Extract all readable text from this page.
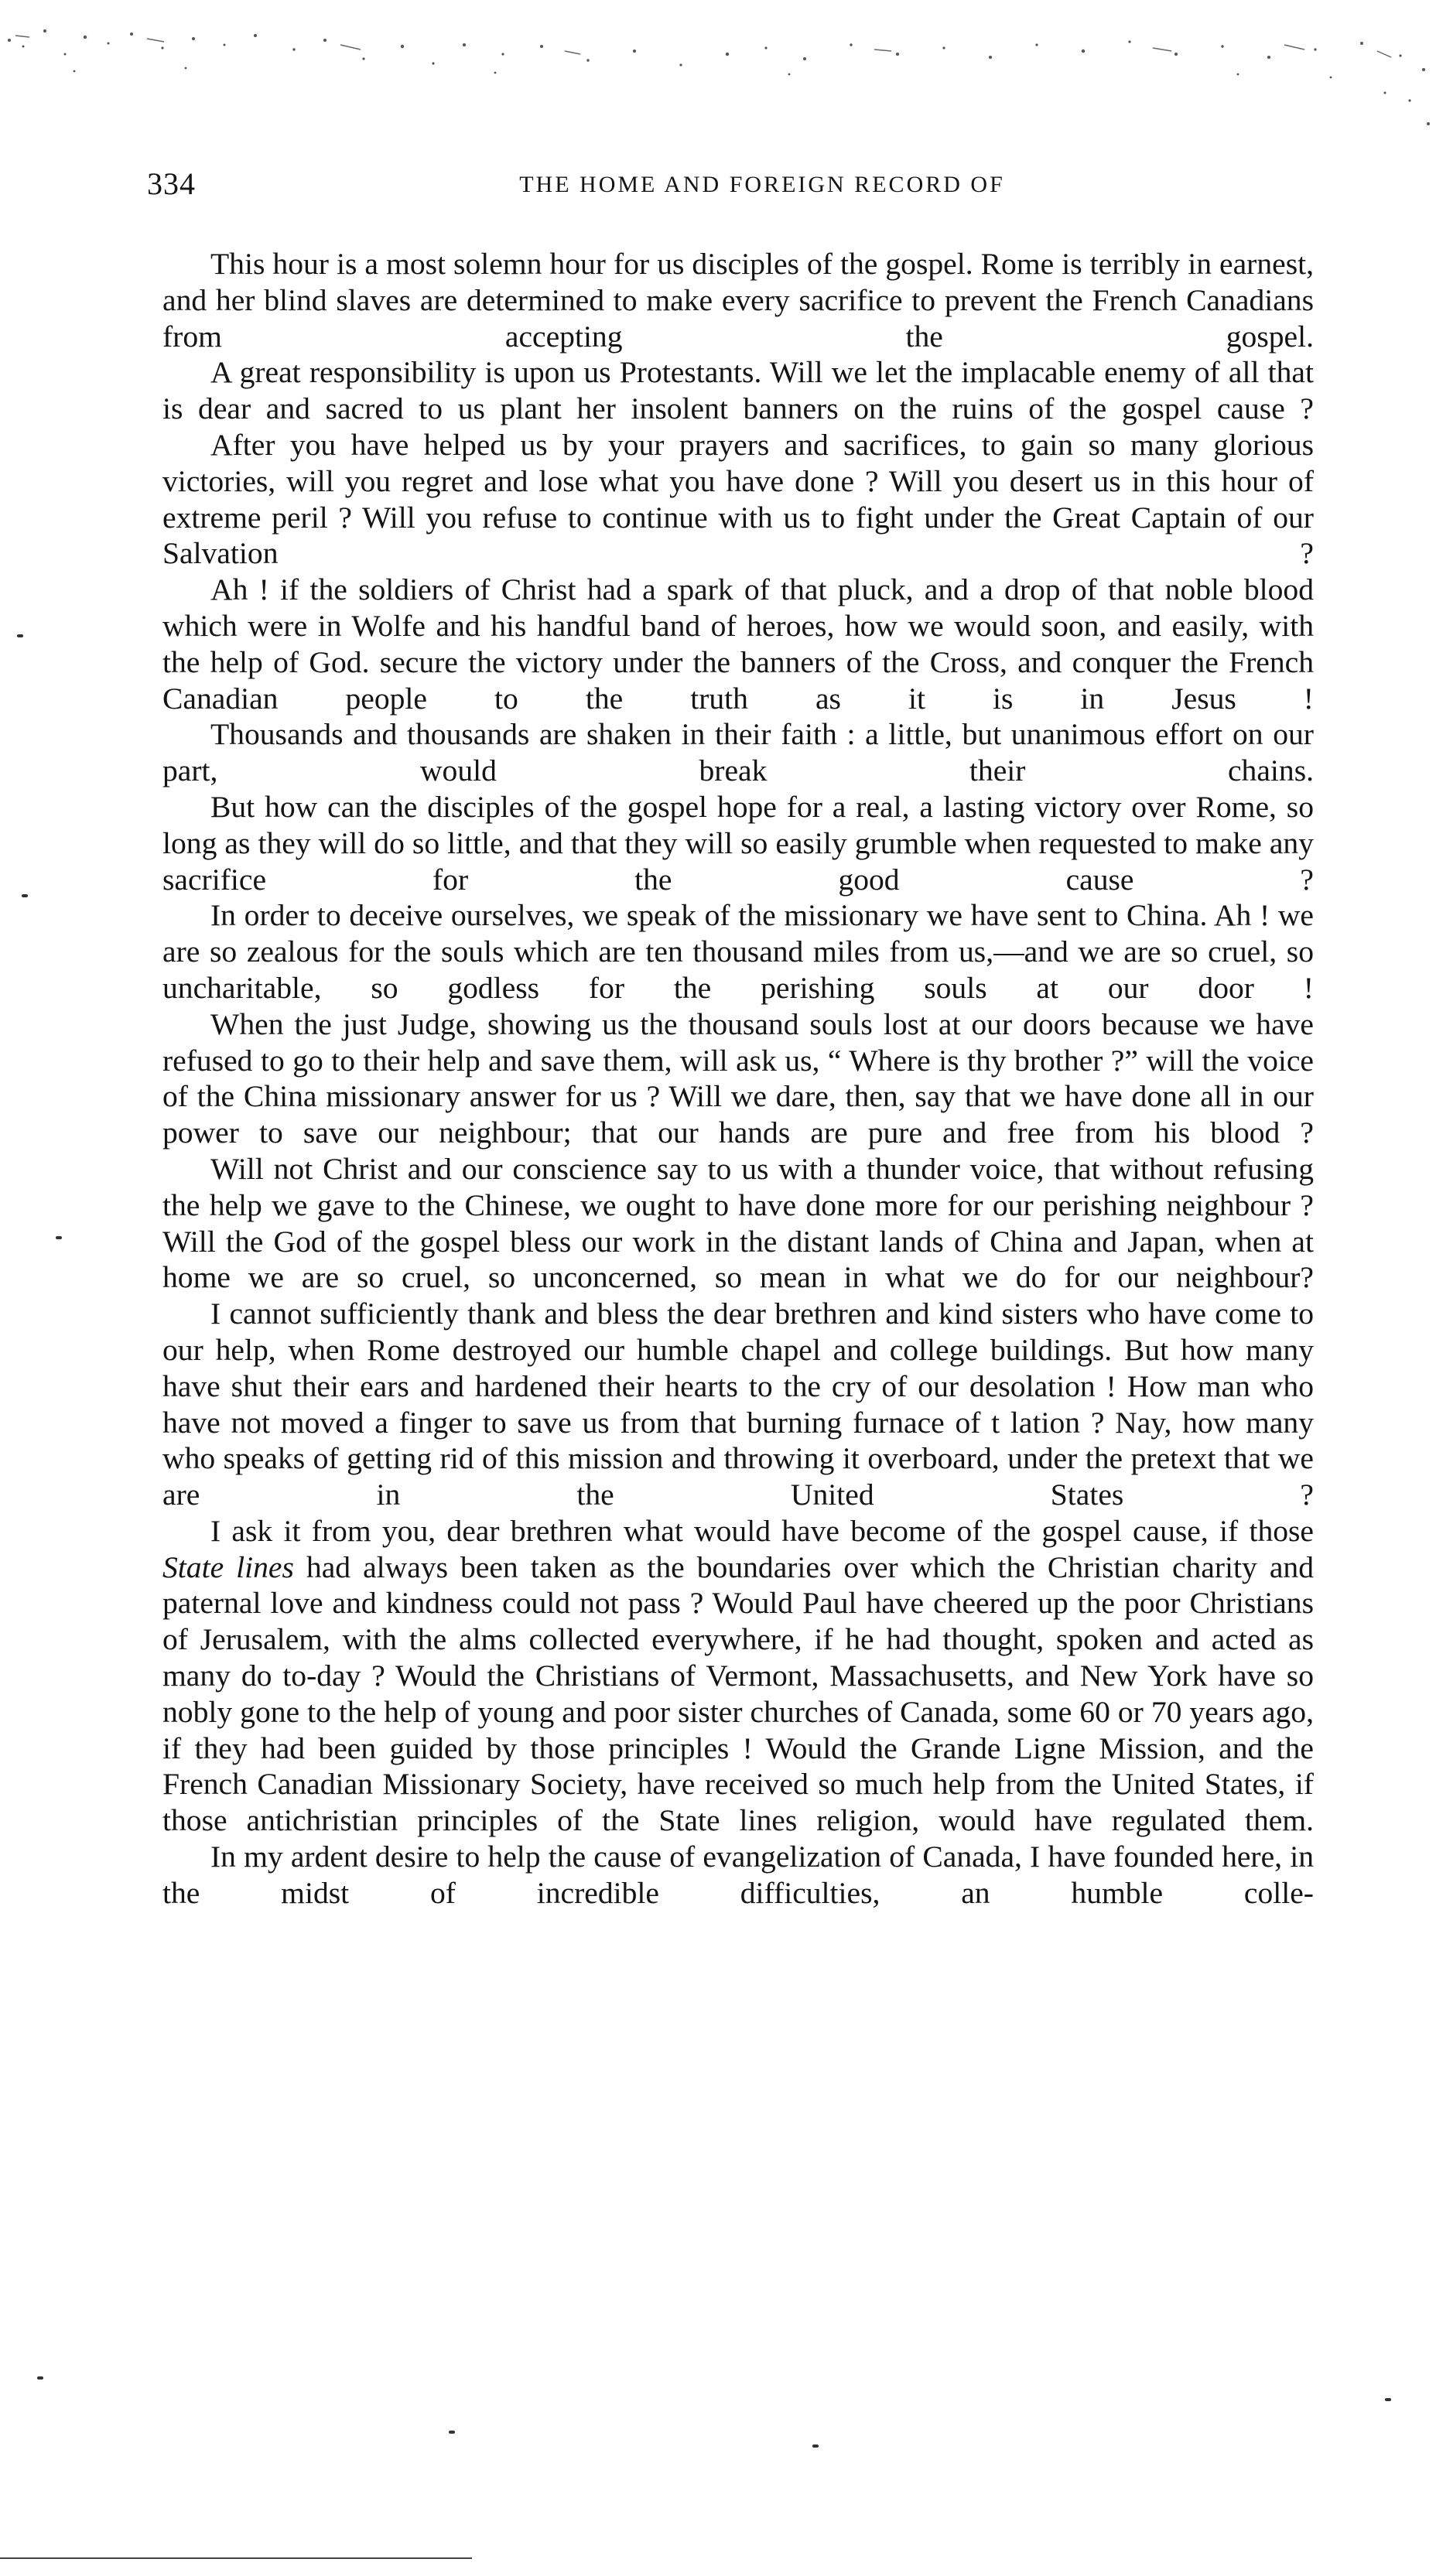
334	THE HOME AND FOREIGN RECORD OF

This hour is a most solemn hour for us disciples of the gospel. Rome is terribly in earnest, and her blind slaves are determined to make every sacrifice to prevent the French Canadians from accepting the gospel.

A great responsibility is upon us Protestants. Will we let the implacable enemy of all that is dear and sacred to us plant her insolent banners on the ruins of the gospel cause ?

After you have helped us by your prayers and sacrifices, to gain so many glorious victories, will you regret and lose what you have done ? Will you desert us in this hour of extreme peril ? Will you refuse to continue with us to fight under the Great Captain of our Salvation ?

Ah ! if the soldiers of Christ had a spark of that pluck, and a drop of that noble blood which were in Wolfe and his handful band of heroes, how we would soon, and easily, with the help of God. secure the victory under the banners of the Cross, and conquer the French Canadian people to the truth as it is in Jesus !

Thousands and thousands are shaken in their faith : a little, but unanimous effort on our part, would break their chains.

But how can the disciples of the gospel hope for a real, a lasting victory over Rome, so long as they will do so little, and that they will so easily grumble when requested to make any sacrifice for the good cause ?

In order to deceive ourselves, we speak of the missionary we have sent to China. Ah ! we are so zealous for the souls which are ten thousand miles from us,—and we are so cruel, so uncharitable, so godless for the perishing souls at our door !

When the just Judge, showing us the thousand souls lost at our doors because we have refused to go to their help and save them, will ask us, “ Where is thy brother ?” will the voice of the China missionary answer for us ? Will we dare, then, say that we have done all in our power to save our neighbour; that our hands are pure and free from his blood ?

Will not Christ and our conscience say to us with a thunder voice, that without refusing the help we gave to the Chinese, we ought to have done more for our perishing neighbour ? Will the God of the gospel bless our work in the distant lands of China and Japan, when at home we are so cruel, so unconcerned, so mean in what we do for our neighbour?

I cannot sufficiently thank and bless the dear brethren and kind sisters who have come to our help, when Rome destroyed our humble chapel and college buildings. But how many have shut their ears and hardened their hearts to the cry of our desolation ! How man who have not moved a finger to save us from that burning furnace of t lation ? Nay, how many who speaks of getting rid of this mission and throwing it overboard, under the pretext that we are in the United States ?

I ask it from you, dear brethren what would have become of the gospel cause, if those State lines had always been taken as the boundaries over which the Christian charity and paternal love and kindness could not pass ? Would Paul have cheered up the poor Christians of Jerusalem, with the alms collected everywhere, if he had thought, spoken and acted as many do to-day ? Would the Christians of Vermont, Massachusetts, and New York have so nobly gone to the help of young and poor sister churches of Canada, some 60 or 70 years ago, if they had been guided by those principles ! Would the Grande Ligne Mission, and the French Canadian Missionary Society, have received so much help from the United States, if those antichristian principles of the State lines religion, would have regulated them.

In my ardent desire to help the cause of evangelization of Canada, I have founded here, in the midst of incredible difficulties, an humble colle-
